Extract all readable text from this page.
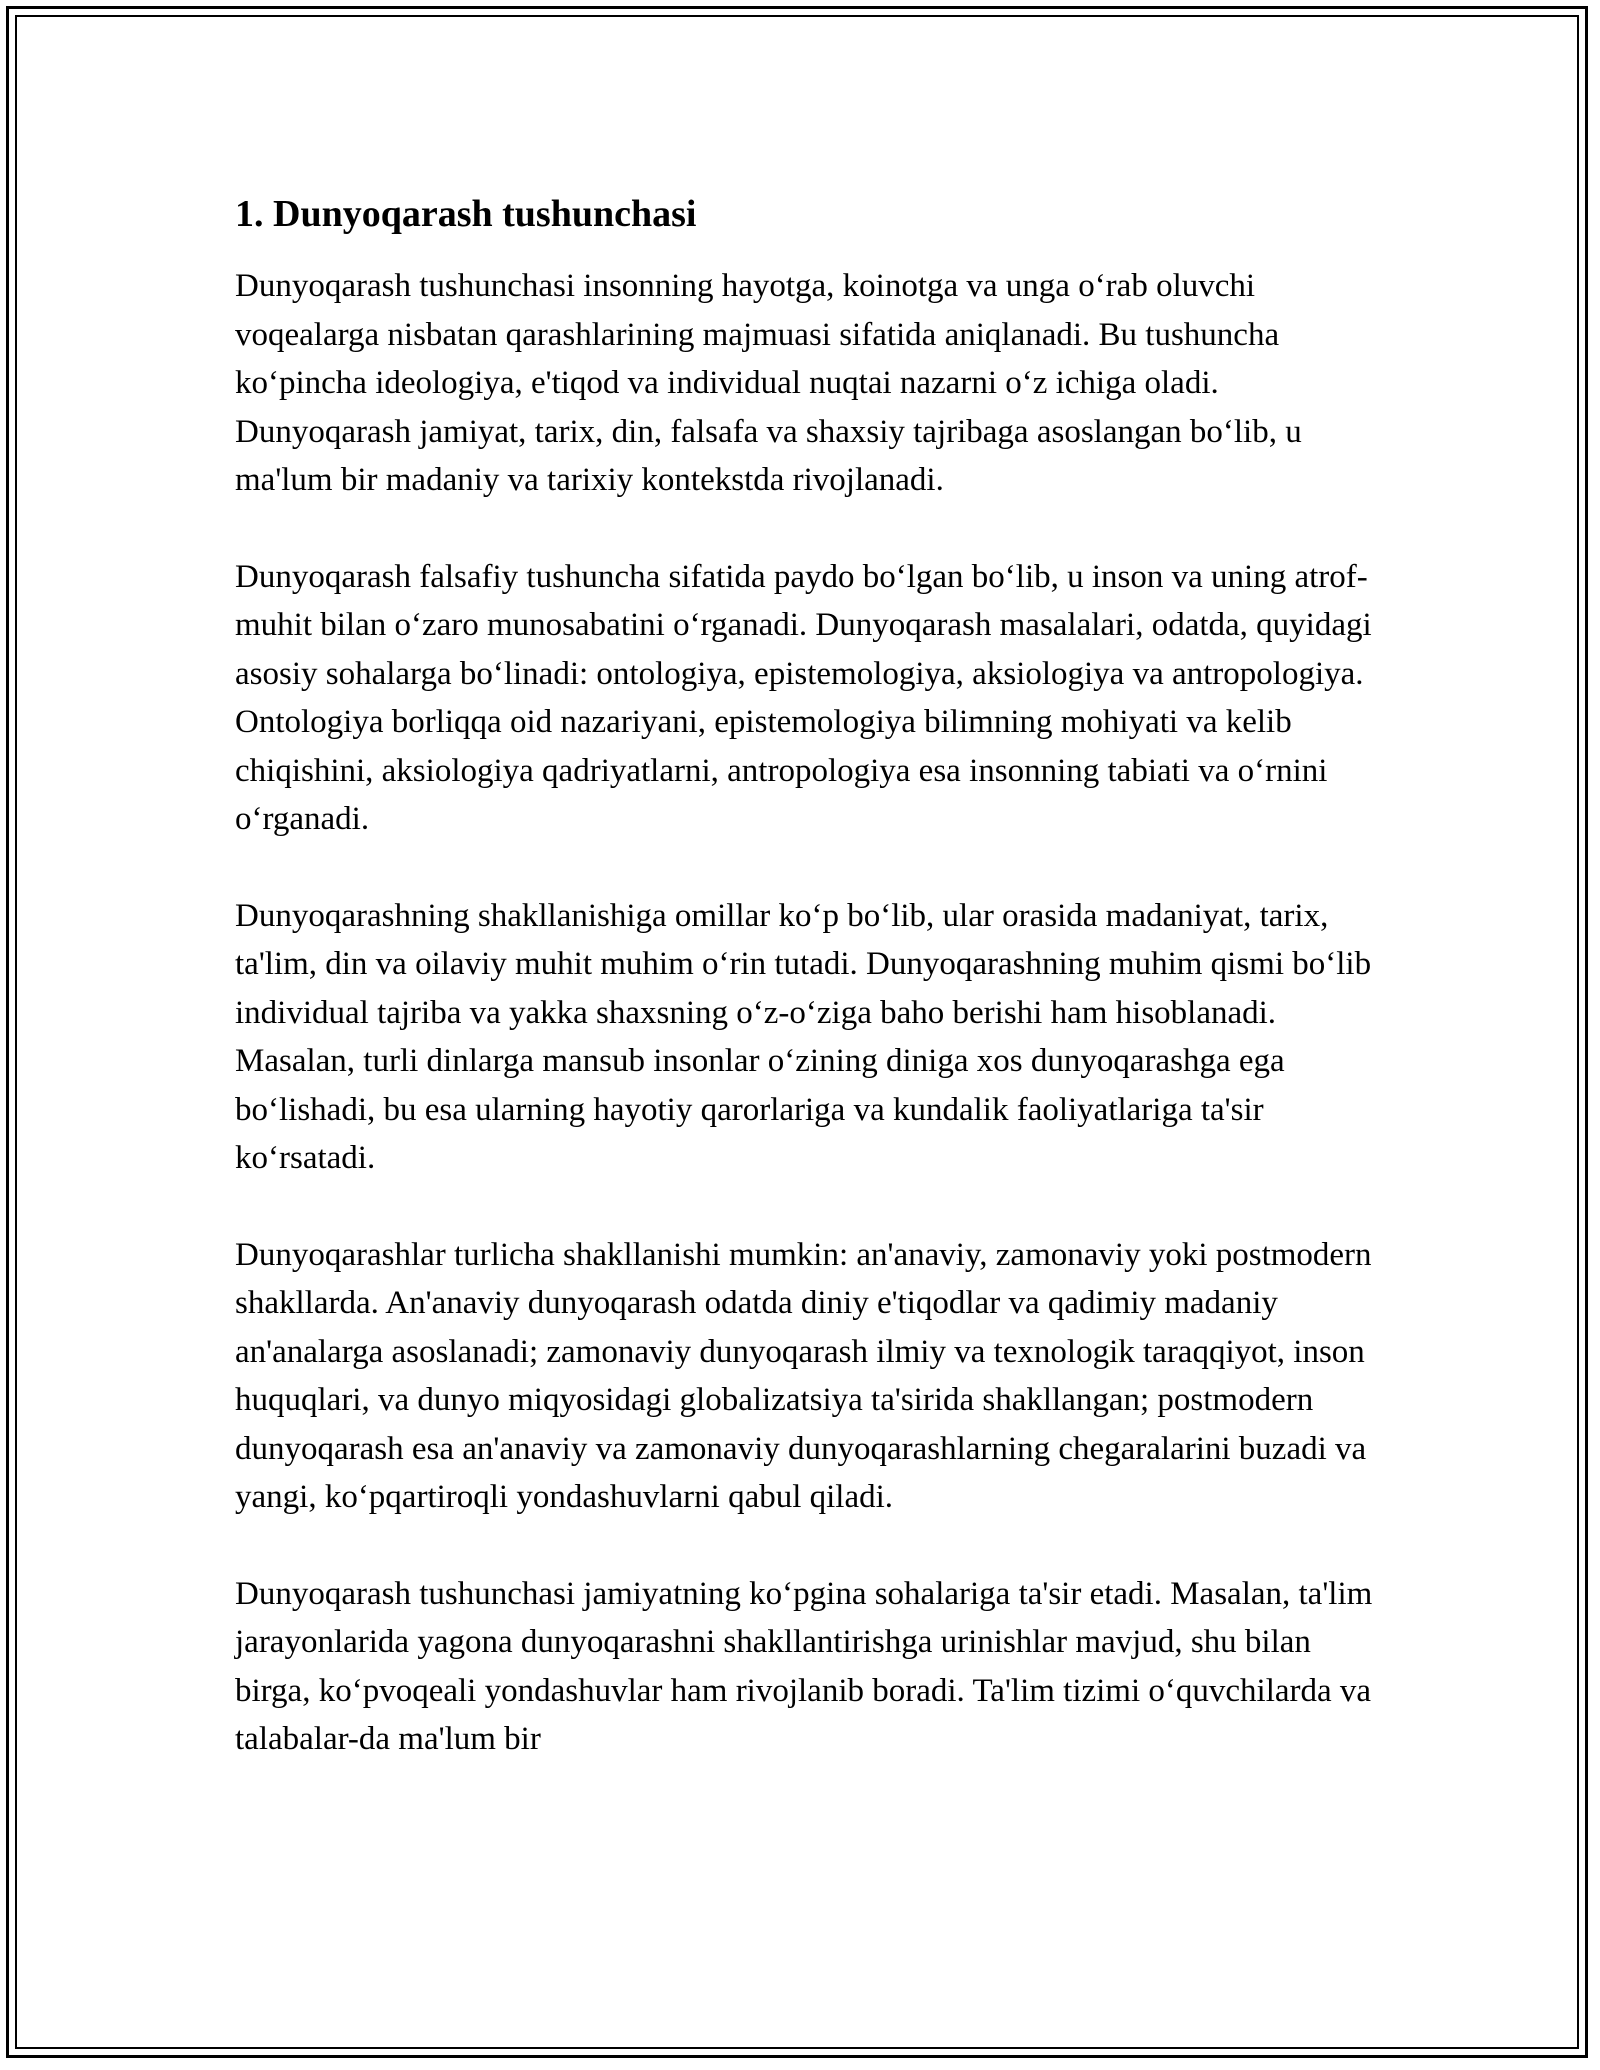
1. Dunyoqarash tushunchasi

Dunyoqarash tushunchasi insonning hayotga, koinotga va unga o‘rab oluvchi voqealarga nisbatan qarashlarining majmuasi sifatida aniqlanadi. Bu tushuncha ko‘pincha ideologiya, e'tiqod va individual nuqtai nazarni o‘z ichiga oladi. Dunyoqarash jamiyat, tarix, din, falsafa va shaxsiy tajribaga asoslangan bo‘lib, u ma'lum bir madaniy va tarixiy kontekstda rivojlanadi.

Dunyoqarash falsafiy tushuncha sifatida paydo bo‘lgan bo‘lib, u inson va uning atrof-muhit bilan o‘zaro munosabatini o‘rganadi. Dunyoqarash masalalari, odatda, quyidagi asosiy sohalarga bo‘linadi: ontologiya, epistemologiya, aksiologiya va antropologiya. Ontologiya borliqqa oid nazariyani, epistemologiya bilimning mohiyati va kelib chiqishini, aksiologiya qadriyatlarni, antropologiya esa insonning tabiati va o‘rnini o‘rganadi.

Dunyoqarashning shakllanishiga omillar ko‘p bo‘lib, ular orasida madaniyat, tarix, ta'lim, din va oilaviy muhit muhim o‘rin tutadi. Dunyoqarashning muhim qismi bo‘lib individual tajriba va yakka shaxsning o‘z-o‘ziga baho berishi ham hisoblanadi. Masalan, turli dinlarga mansub insonlar o‘zining diniga xos dunyoqarashga ega bo‘lishadi, bu esa ularning hayotiy qarorlariga va kundalik faoliyatlariga ta'sir ko‘rsatadi.

Dunyoqarashlar turlicha shakllanishi mumkin: an'anaviy, zamonaviy yoki postmodern shakllarda. An'anaviy dunyoqarash odatda diniy e'tiqodlar va qadimiy madaniy an'analarga asoslanadi; zamonaviy dunyoqarash ilmiy va texnologik taraqqiyot, inson huquqlari, va dunyo miqyosidagi globalizatsiya ta'sirida shakllangan; postmodern dunyoqarash esa an'anaviy va zamonaviy dunyoqarashlarning chegaralarini buzadi va yangi, ko‘pqartiroqli yondashuvlarni qabul qiladi.

Dunyoqarash tushunchasi jamiyatning ko‘pgina sohalariga ta'sir etadi. Masalan, ta'lim jarayonlarida yagona dunyoqarashni shakllantirishga urinishlar mavjud, shu bilan birga, ko‘pvoqeali yondashuvlar ham rivojlanib boradi. Ta'lim tizimi o‘quvchilarda va talabalar-da ma'lum bir
